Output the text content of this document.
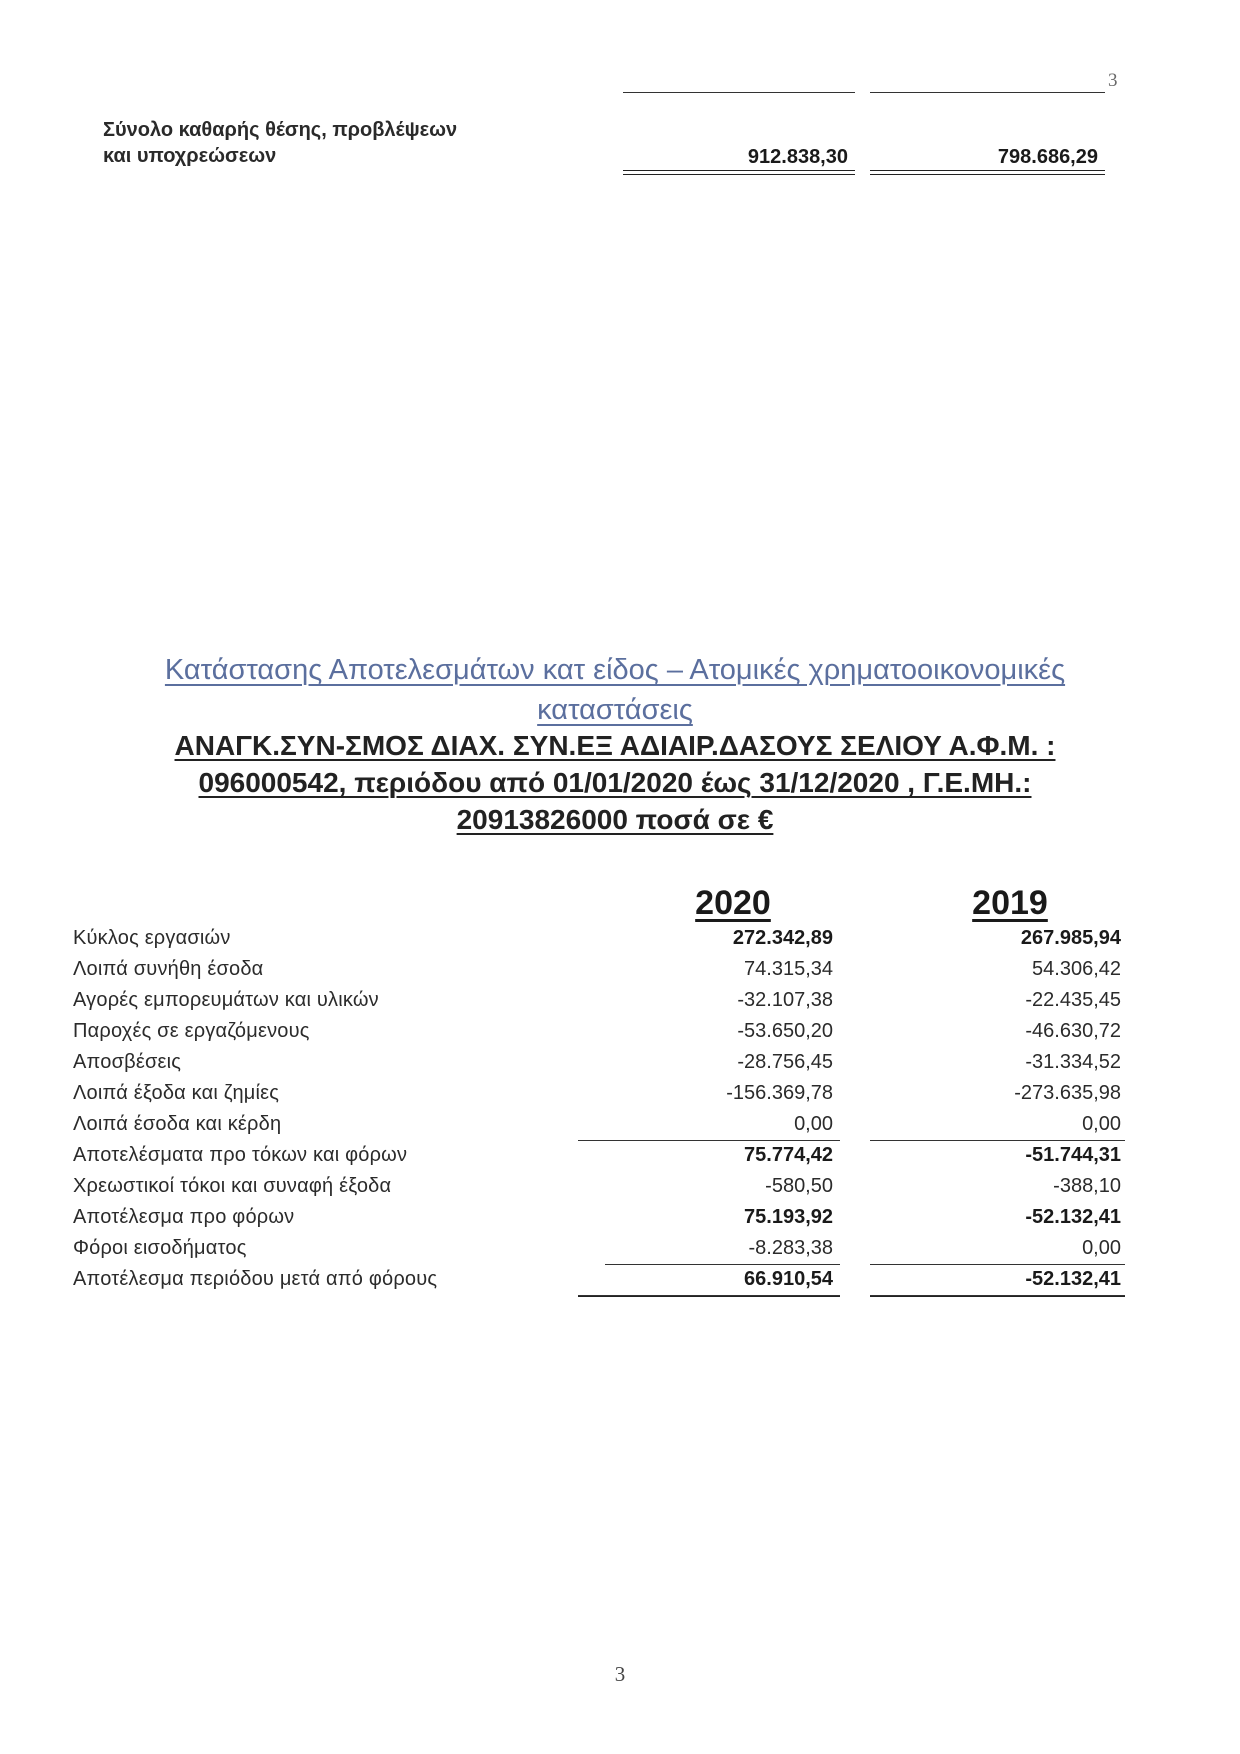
3
Σύνολο καθαρής θέσης, προβλέψεων
και υποχρεώσεων	912.838,30	798.686,29
Κατάστασης Αποτελεσμάτων κατ είδος – Ατομικές χρηματοοικονομικές
καταστάσεις
ΑΝΑΓΚ.ΣΥΝ-ΣΜΟΣ ΔΙΑΧ. ΣΥΝ.ΕΞ ΑΔΙΑΙΡ.ΔΑΣΟΥΣ ΣΕΛΙΟΥ Α.Φ.Μ. :
096000542, περιόδου από 01/01/2020 έως 31/12/2020 , Γ.Ε.ΜΗ.:
20913826000 ποσά σε €
2020	2019
Κύκλος εργασιών	272.342,89	267.985,94
Λοιπά συνήθη έσοδα	74.315,34	54.306,42
Αγορές εμπορευμάτων και υλικών	-32.107,38	-22.435,45
Παροχές σε εργαζόμενους	-53.650,20	-46.630,72
Αποσβέσεις	-28.756,45	-31.334,52
Λοιπά έξοδα και ζημίες	-156.369,78	-273.635,98
Λοιπά έσοδα και κέρδη	0,00	0,00
Αποτελέσματα προ τόκων και φόρων	75.774,42	-51.744,31
Χρεωστικοί τόκοι και συναφή έξοδα	-580,50	-388,10
Αποτέλεσμα προ φόρων	75.193,92	-52.132,41
Φόροι εισοδήματος	-8.283,38	0,00
Αποτέλεσμα περιόδου μετά από φόρους	66.910,54	-52.132,41
3
